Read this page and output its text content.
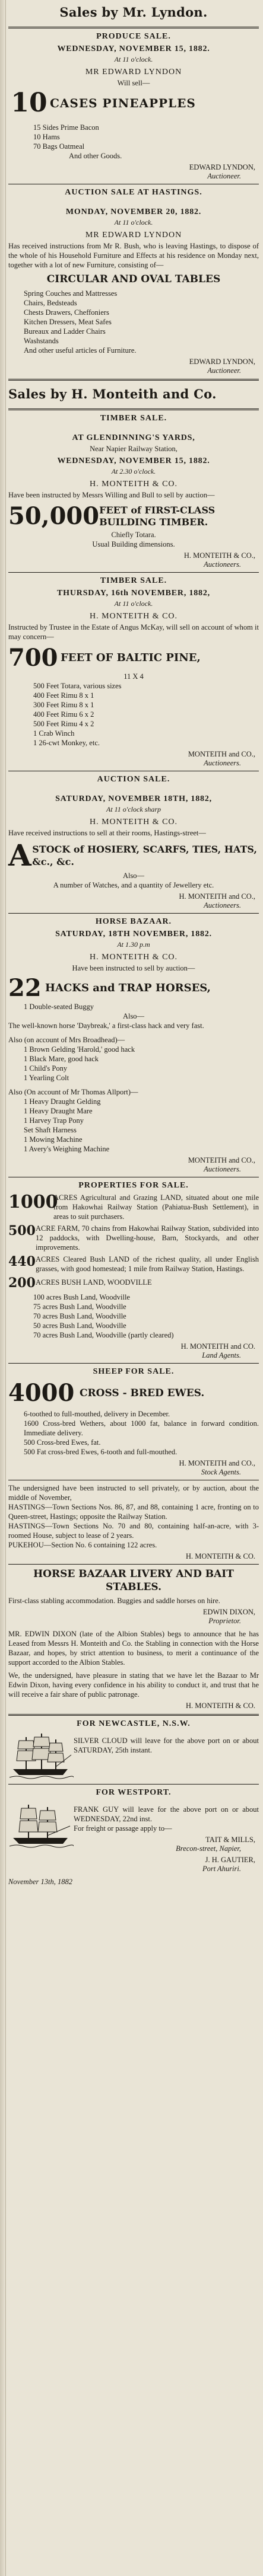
Sales by Mr. Lyndon.
PRODUCE SALE.
WEDNESDAY, NOVEMBER 15, 1882.
At 11 o'clock.
MR EDWARD LYNDON
Will sell—
10 CASES PINEAPPLES
15 Sides Prime Bacon
10 Hams
70 Bags Oatmeal
And other Goods.
EDWARD LYNDON,
Auctioneer.
AUCTION SALE AT HASTINGS.
MONDAY, NOVEMBER 20, 1882.
At 11 o'clock.
MR EDWARD LYNDON
Has received instructions from Mr R. Bush, who is leaving Hastings, to dispose of the whole of his Household Furniture and Effects at his residence on Monday next, together with a lot of new Furniture, consisting of—
CIRCULAR AND OVAL TABLES
Spring Couches and Mattresses
Chairs, Bedsteads
Chests Drawers, Cheffoniers
Kitchen Dressers, Meat Safes
Bureaux and Ladder Chairs
Washstands
And other useful articles of Furniture.
EDWARD LYNDON,
Auctioneer.
Sales by H. Monteith and Co.
TIMBER SALE.
AT GLENDINNING'S YARDS,
Near Napier Railway Station,
WEDNESDAY, NOVEMBER 15, 1882.
At 2.30 o'clock.
H. MONTEITH & CO.
Have been instructed by Messrs Willing and Bull to sell by auction—
50,000 FEET of FIRST-CLASS BUILDING TIMBER.
Chiefly Totara.
Usual Building dimensions.
H. MONTEITH & CO.,
Auctioneers.
TIMBER SALE.
THURSDAY, 16th NOVEMBER, 1882,
At 11 o'clock.
H. MONTEITH & CO.
Instructed by Trustee in the Estate of Angus McKay, will sell on account of whom it may concern—
700 FEET OF BALTIC PINE,
11 X 4
500 Feet Totara, various sizes
400 Feet Rimu 8 x 1
300 Feet Rimu 8 x 1
400 Feet Rimu 6 x 2
500 Feet Rimu 4 x 2
1 Crab Winch
1 26-cwt Monkey, etc.
MONTEITH and CO.,
Auctioneers.
AUCTION SALE.
SATURDAY, NOVEMBER 18TH, 1882,
At 11 o'clock sharp
H. MONTEITH & CO.
Have received instructions to sell at their rooms, Hastings-street—
A STOCK of HOSIERY, SCARFS, TIES, HATS, &c., &c.
Also—
A number of Watches, and a quantity of Jewellery etc.
H. MONTEITH and CO.,
Auctioneers.
HORSE BAZAAR.
SATURDAY, 18TH NOVEMBER, 1882.
At 1.30 p.m
H. MONTEITH & CO.
Have been instructed to sell by auction—
22 HACKS and TRAP HORSES,
1 Double-seated Buggy
Also—
The well-known horse 'Daybreak,' a first-class hack and very fast.
Also (on account of Mrs Broadhead)—
1 Brown Gelding 'Harold,' good hack
1 Black Mare, good hack
1 Child's Pony
1 Yearling Colt
Also (On account of Mr Thomas Allport)—
1 Heavy Draught Gelding
1 Heavy Draught Mare
1 Harvey Trap Pony
Set Shaft Harness
1 Mowing Machine
1 Avery's Weighing Machine
MONTEITH and CO.,
Auctioneers.
PROPERTIES FOR SALE.
1000
ACRES Agricultural and Grazing LAND, situated about one mile from Hakowhai Railway Station (Pahiatua-Bush Settlement), in areas to suit purchasers.
500 ACRE FARM, 70 chains from Hakowhai Railway Station, subdivided into 12 paddocks, with Dwelling-house, Barn, Stockyards, and other improvements.
440 ACRES Cleared Bush LAND of the richest quality, all under English grasses, with good homestead; 1 mile from Railway Station, Hastings.
200 ACRES BUSH LAND, WOODVILLE
100 acres Bush Land, Woodville
75 acres Bush Land, Woodville
70 acres Bush Land, Woodville
50 acres Bush Land, Woodville
70 acres Bush Land, Woodville (partly cleared)
H. MONTEITH and CO.
Land Agents.
SHEEP FOR SALE.
4000 CROSS - BRED EWES.
6-toothed to full-mouthed, delivery in December.
1600 Cross-bred Wethers, about 1000 fat, balance in forward condition. Immediate delivery.
500 Cross-bred Ewes, fat.
500 Fat cross-bred Ewes, 6-tooth and full-mouthed.
H. MONTEITH and CO.,
Stock Agents.
The undersigned have been instructed to sell privately, or by auction, about the middle of November,
HASTINGS—Town Sections Nos. 86, 87, and 88, containing 1 acre, fronting on to Queen-street, Hastings; opposite the Railway Station.
HASTINGS—Town Sections No. 70 and 80, containing half-an-acre, with 3-roomed House, subject to lease of 2 years.
PUKEHOU—Section No. 6 containing 122 acres.
H. MONTEITH & CO.
HORSE BAZAAR LIVERY AND BAIT STABLES.
First-class stabling accommodation. Buggies and saddle horses on hire.
EDWIN DIXON,
Proprietor.
MR. EDWIN DIXON (late of the Albion Stables) begs to announce that he has Leased from Messrs H. Monteith and Co. the Stabling in connection with the Horse Bazaar, and hopes, by strict attention to business, to merit a continuance of the support accorded to the Albion Stables.
We, the undersigned, have pleasure in stating that we have let the Bazaar to Mr Edwin Dixon, having every confidence in his ability to conduct it, and trust that he will receive a fair share of public patronage.
H. MONTEITH & CO.
FOR NEWCASTLE, N.S.W.
SILVER CLOUD will leave for the above port on or about SATURDAY, 25th instant.
FOR WESTPORT.
FRANK GUY will leave for the above port on or about WEDNESDAY, 22nd inst.
For freight or passage apply to—
TAIT & MILLS,
Brecon-street, Napier,
J. H. GAUTIER,
Port Ahuriri.
November 13th, 1882
